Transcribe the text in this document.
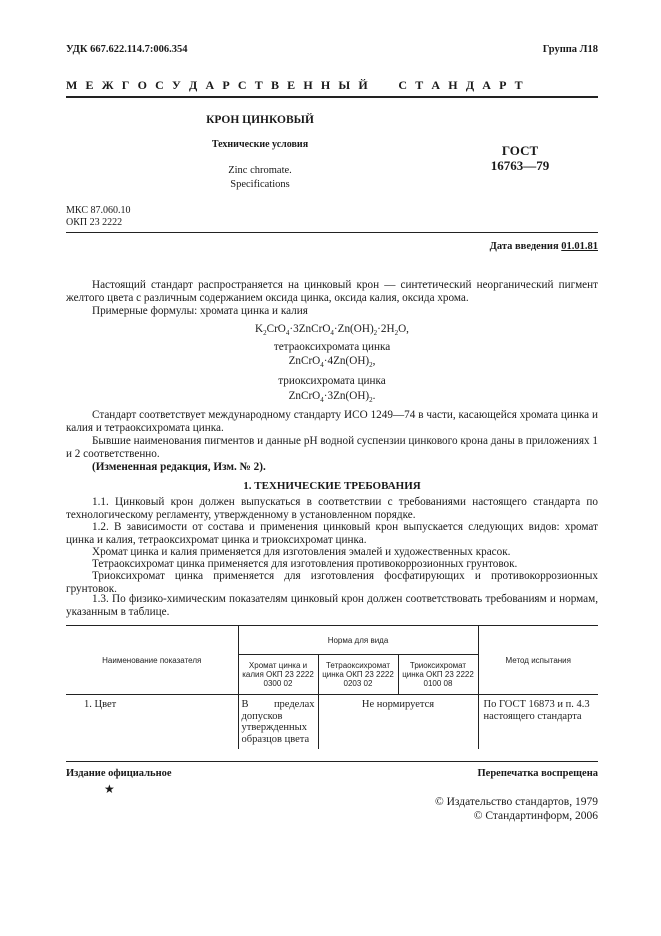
УДК 667.622.114.7:006.354	Группа Л18
М Е Ж Г О С У Д А Р С Т В Е Н Н Ы Й     С Т А Н Д А Р Т
КРОН ЦИНКОВЫЙ
Технические условия
Zinc chromate.
Specifications
ГОСТ
16763—79
МКС 87.060.10
ОКП 23 2222
Дата введения 01.01.81
Настоящий стандарт распространяется на цинковый крон — синтетический неорганический пигмент желтого цвета с различным содержанием оксида цинка, оксида калия, оксида хрома.
Примерные формулы: хромата цинка и калия
$K_2CrO_4\cdot 3ZnCrO_4\cdot Zn(OH)_2\cdot 2H_2O$,
тетраоксихромата цинка
$ZnCrO_4\cdot 4Zn(OH)_2$,
триоксихромата цинка
$ZnCrO_4\cdot 3Zn(OH)_2$.
Стандарт соответствует международному стандарту ИСО 1249—74 в части, касающейся хромата цинка и калия и тетраоксихромата цинка.
Бывшие наименования пигментов и данные рН водной суспензии цинкового крона даны в приложениях 1 и 2 соответственно.
(Измененная редакция, Изм. № 2).
1. ТЕХНИЧЕСКИЕ ТРЕБОВАНИЯ
1.1. Цинковый крон должен выпускаться в соответствии с требованиями настоящего стандарта по технологическому регламенту, утвержденному в установленном порядке.
1.2. В зависимости от состава и применения цинковый крон выпускается следующих видов: хромат цинка и калия, тетраоксихромат цинка и триоксихромат цинка.
Хромат цинка и калия применяется для изготовления эмалей и художественных красок.
Тетраоксихромат цинка применяется для изготовления противокоррозионных грунтовок.
Триоксихромат цинка применяется для изготовления фосфатирующих и противокоррозионных грунтовок.
1.3. По физико-химическим показателям цинковый крон должен соответствовать требованиям и нормам, указанным в таблице.
Наименование показателя	Норма для вида			Метод испытания
	Хромат цинка и калия ОКП 23 2222 0300 02	Тетраоксихромат цинка ОКП 23 2222 0203 02	Триоксихромат цинка ОКП 23 2222 0100 08	
1. Цвет	В пределах допусков утвержденных образцов цвета	Не нормируется		По ГОСТ 16873 и п. 4.3 настоящего стандарта
Издание официальное
★
Перепечатка воспрещена
© Издательство стандартов, 1979
© Стандартинформ, 2006
